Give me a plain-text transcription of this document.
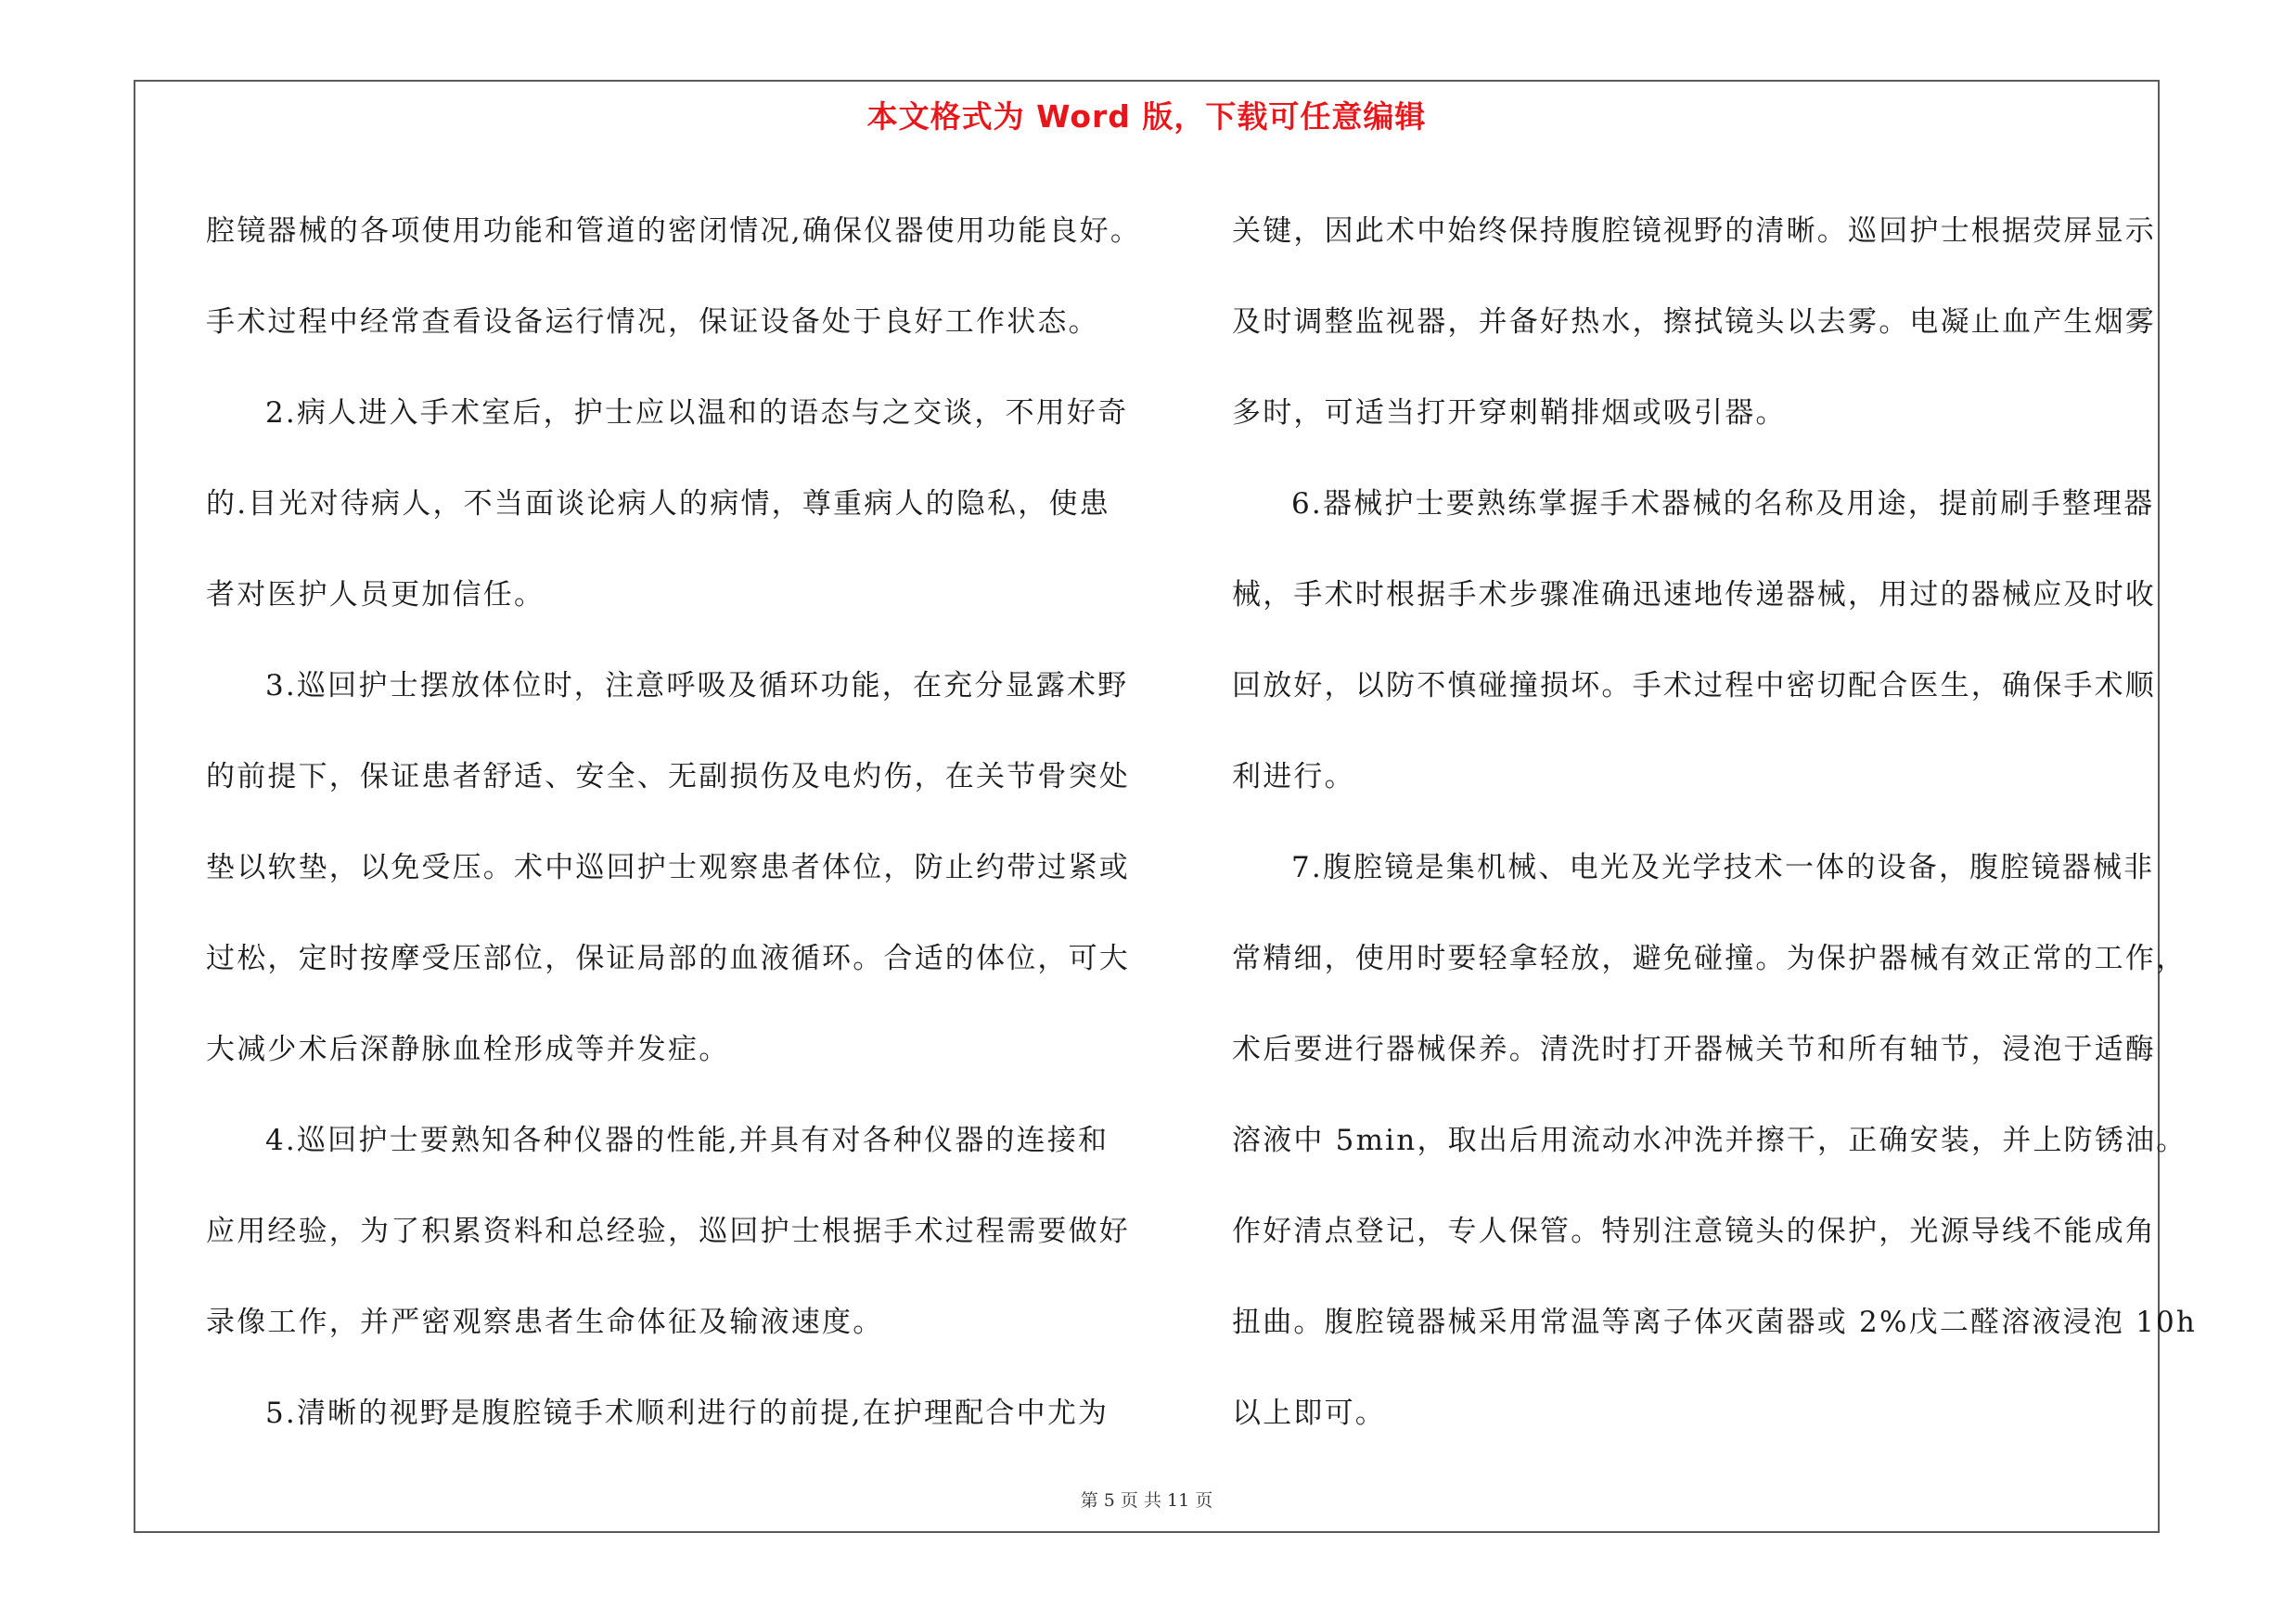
本文格式为 Word 版，下载可任意编辑
腔镜器械的各项使用功能和管道的密闭情况,确保仪器使用功能良好。
手术过程中经常查看设备运行情况，保证设备处于良好工作状态。
2.病人进入手术室后，护士应以温和的语态与之交谈，不用好奇
的.目光对待病人，不当面谈论病人的病情，尊重病人的隐私，使患
者对医护人员更加信任。
3.巡回护士摆放体位时，注意呼吸及循环功能，在充分显露术野
的前提下，保证患者舒适、安全、无副损伤及电灼伤，在关节骨突处
垫以软垫，以免受压。术中巡回护士观察患者体位，防止约带过紧或
过松，定时按摩受压部位，保证局部的血液循环。合适的体位，可大
大减少术后深静脉血栓形成等并发症。
4.巡回护士要熟知各种仪器的性能,并具有对各种仪器的连接和
应用经验，为了积累资料和总经验，巡回护士根据手术过程需要做好
录像工作，并严密观察患者生命体征及输液速度。
5.清晰的视野是腹腔镜手术顺利进行的前提,在护理配合中尤为
关键，因此术中始终保持腹腔镜视野的清晰。巡回护士根据荧屏显示
及时调整监视器，并备好热水，擦拭镜头以去雾。电凝止血产生烟雾
多时，可适当打开穿刺鞘排烟或吸引器。
6.器械护士要熟练掌握手术器械的名称及用途，提前刷手整理器
械，手术时根据手术步骤准确迅速地传递器械，用过的器械应及时收
回放好，以防不慎碰撞损坏。手术过程中密切配合医生，确保手术顺
利进行。
7.腹腔镜是集机械、电光及光学技术一体的设备，腹腔镜器械非
常精细，使用时要轻拿轻放，避免碰撞。为保护器械有效正常的工作，
术后要进行器械保养。清洗时打开器械关节和所有轴节，浸泡于适酶
溶液中 5min，取出后用流动水冲洗并擦干，正确安装，并上防锈油。
作好清点登记，专人保管。特别注意镜头的保护，光源导线不能成角
扭曲。腹腔镜器械采用常温等离子体灭菌器或 2%戊二醛溶液浸泡 10h
以上即可。
第 5 页 共 11 页
